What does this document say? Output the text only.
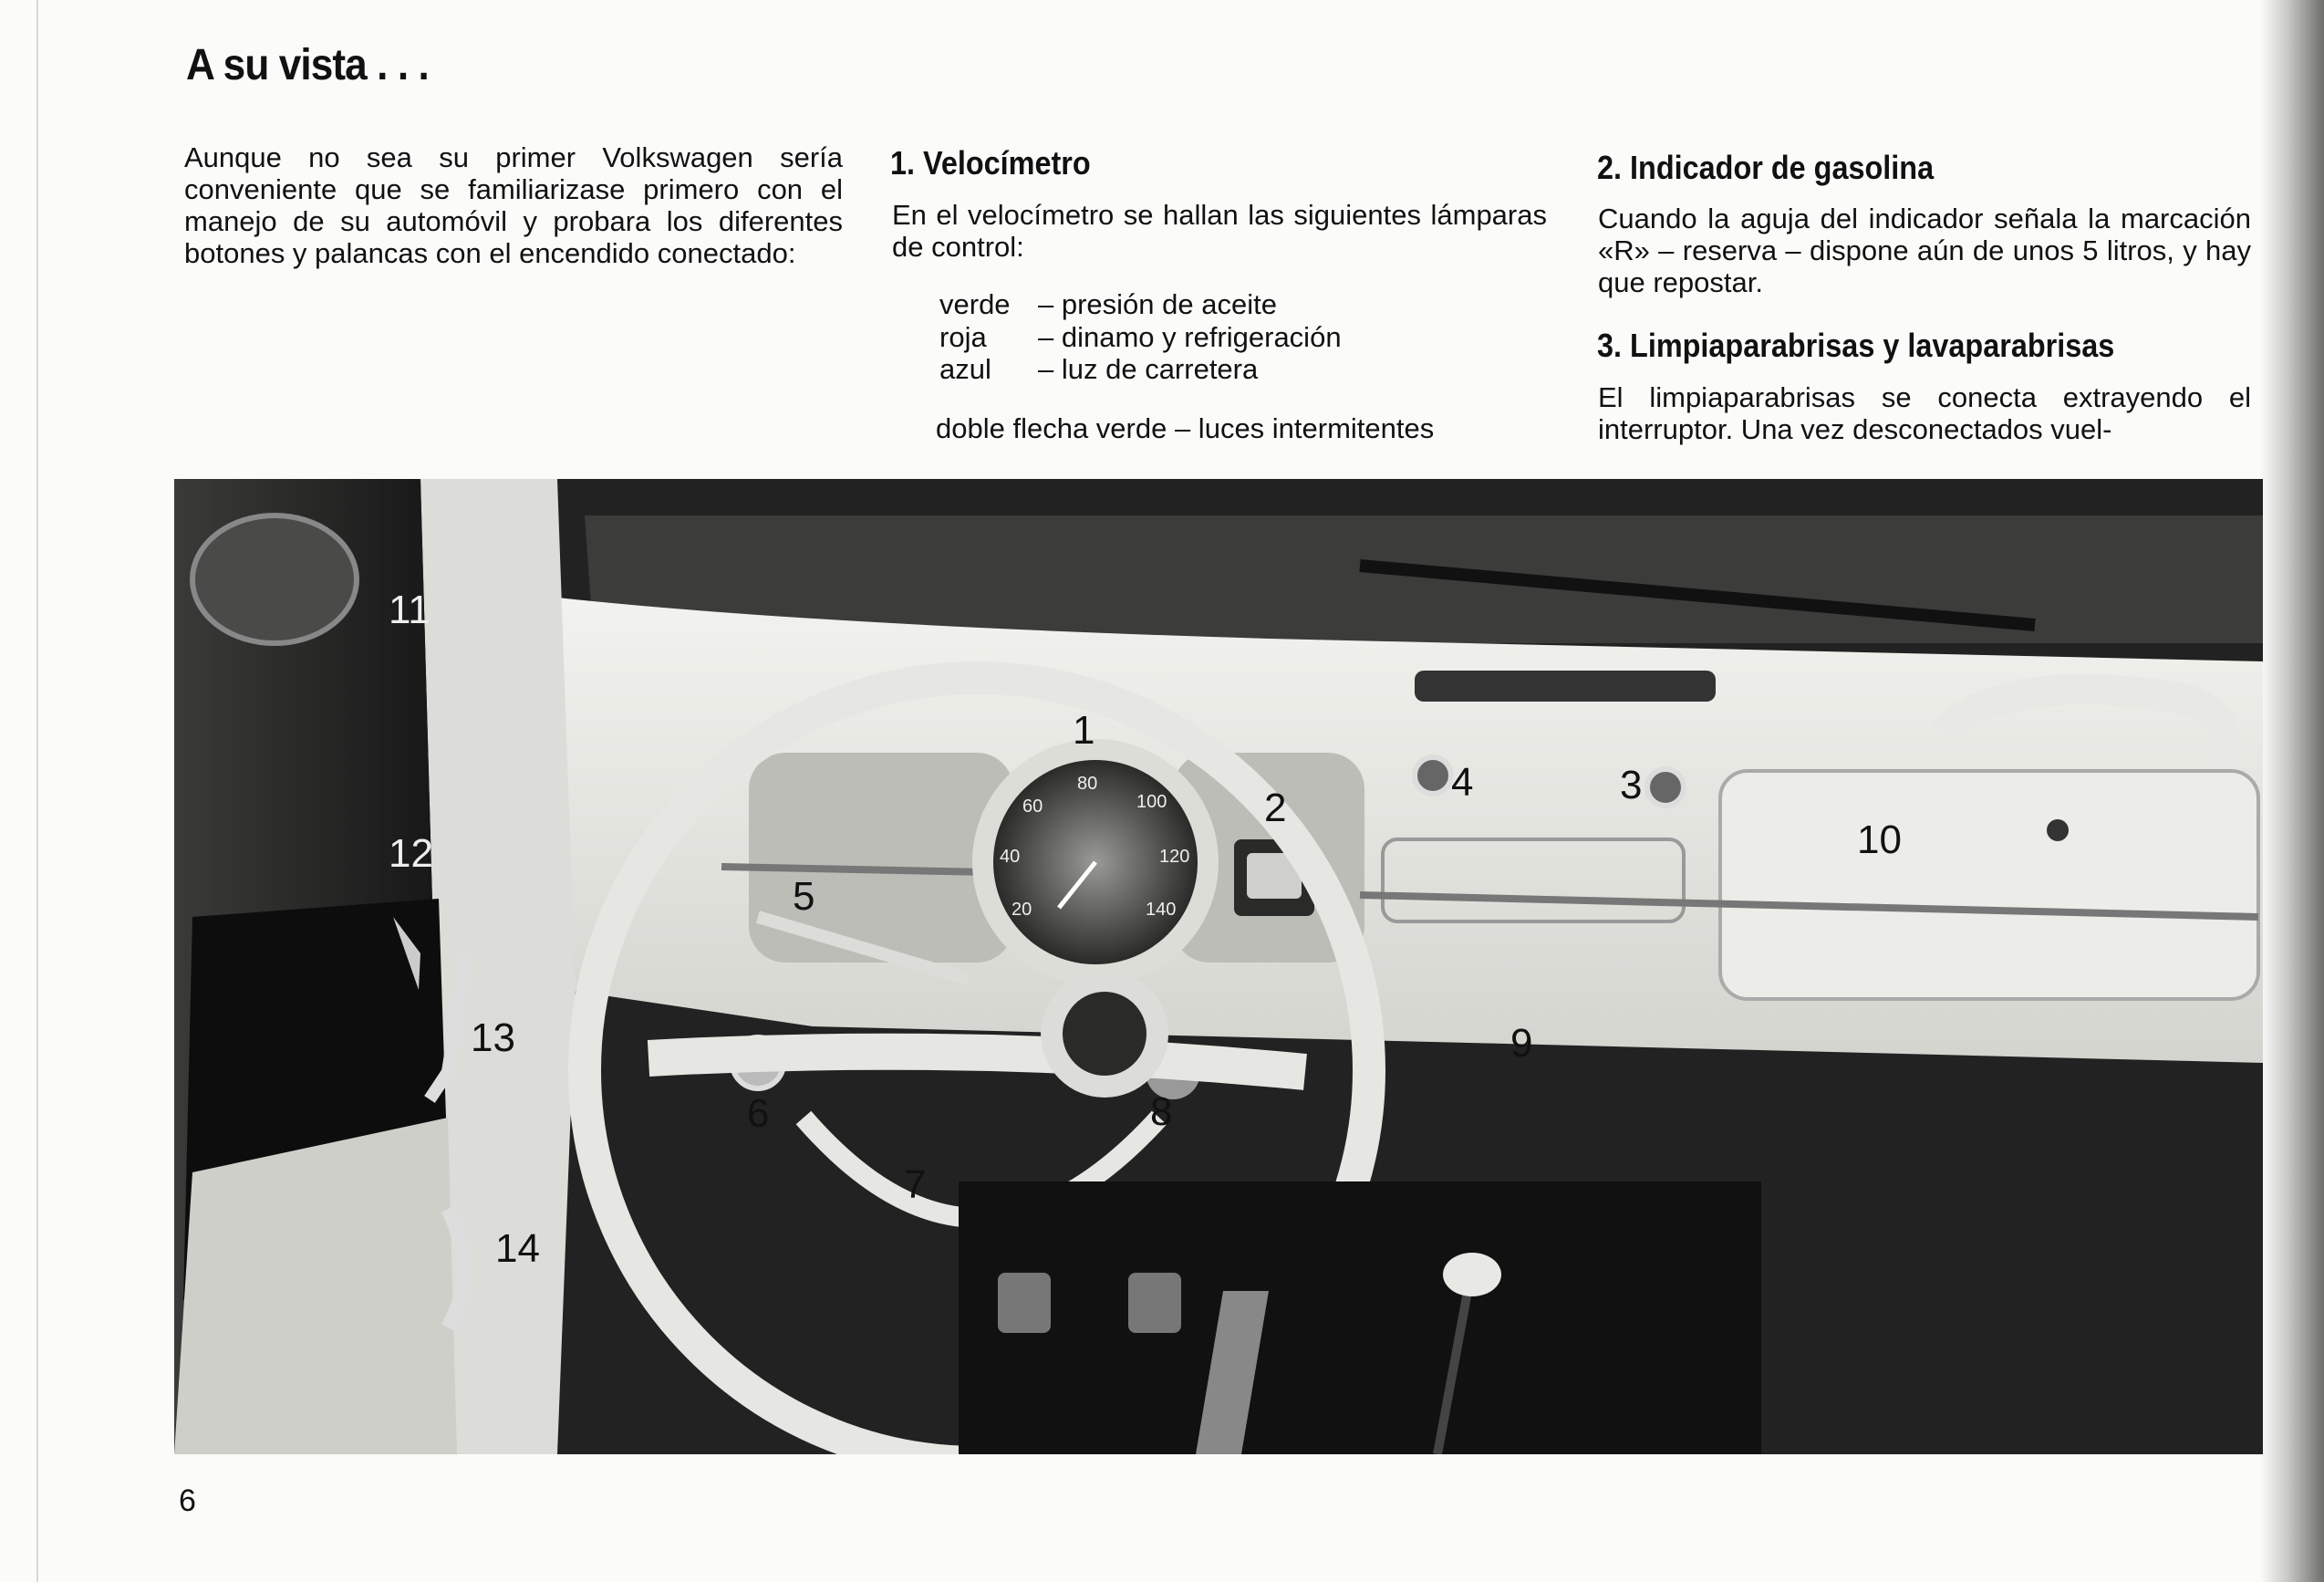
A su vista . . .
Aunque no sea su primer Volkswagen sería conveniente que se familiarizase primero con el manejo de su automóvil y probara los diferentes botones y palancas con el encendido conectado:
1. Velocímetro
En el velocímetro se hallan las siguientes lámparas de control:
verde – presión de aceite
roja – dinamo y refrigeración
azul – luz de carretera
doble flecha verde – luces intermitentes
2. Indicador de gasolina
Cuando la aguja del indicador señala la marcación «R» – reserva – dispone aún de unos 5 litros, y hay que repostar.
3. Limpiaparabrisas y lavaparabrisas
El limpiaparabrisas se conecta extrayendo el interruptor. Una vez desconectados vuel-
1
2
3
4
5
6
7
8
9
10
11
12
13
14
20
40
60
80
100
120
140
6
